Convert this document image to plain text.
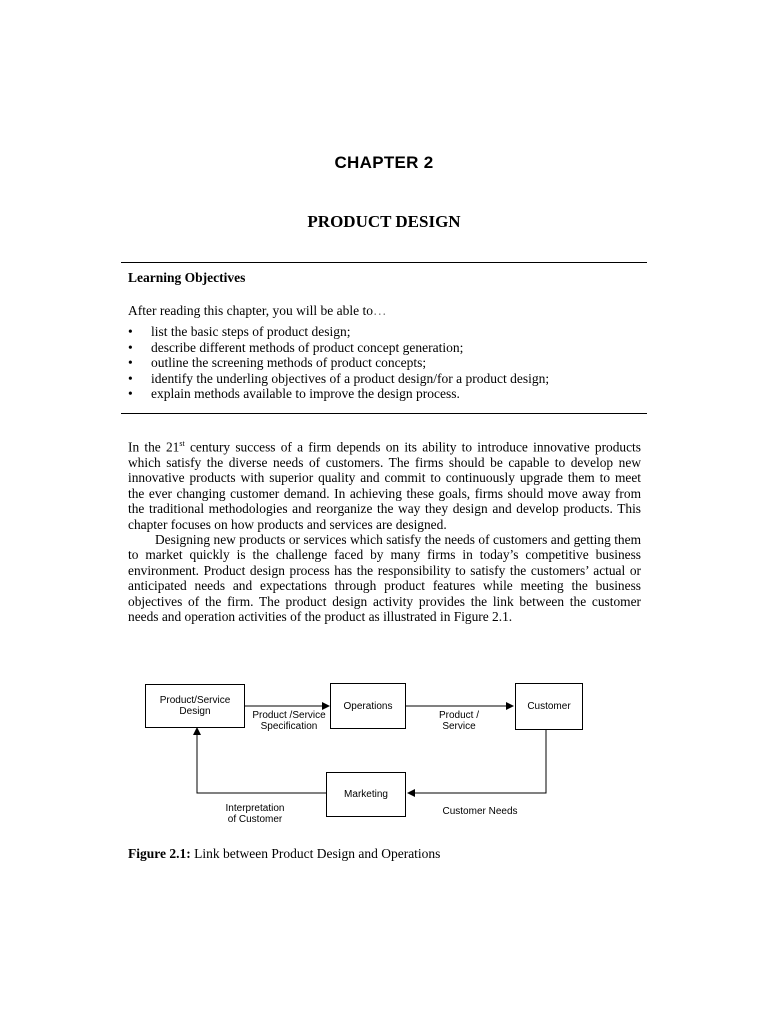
CHAPTER 2
PRODUCT DESIGN
Learning Objectives
After reading this chapter, you will be able to…
• list the basic steps of product design;
• describe different methods of product concept generation;
• outline the screening methods of product concepts;
• identify the underling objectives of a product design/for a product design;
• explain methods available to improve the design process.

In the 21st century success of a firm depends on its ability to introduce innovative products which satisfy the diverse needs of customers. The firms should be capable to develop new innovative products with superior quality and commit to continuously upgrade them to meet the ever changing customer demand. In achieving these goals, firms should move away from the traditional methodologies and reorganize the way they design and develop products. This chapter focuses on how products and services are designed.

Designing new products or services which satisfy the needs of customers and getting them to market quickly is the challenge faced by many firms in today’s competitive business environment. Product design process has the responsibility to satisfy the customers’ actual or anticipated needs and expectations through product features while meeting the business objectives of the firm. The product design activity provides the link between the customer needs and operation activities of the product as illustrated in Figure 2.1.

Product/Service Design	Operations	Customer
Marketing
Product /Service
Specification
Product /
Service
Interpretation
of Customer
Customer Needs
Figure 2.1: Link between Product Design and Operations
